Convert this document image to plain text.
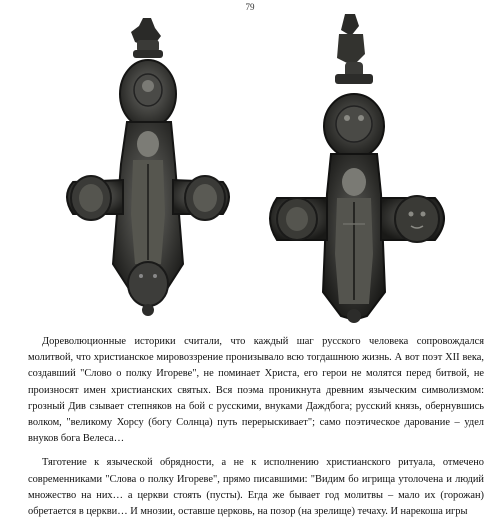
79

Дореволюционные историки считали, что каждый шаг русского человека сопровождался молитвой, что христианское мировоззрение пронизывало всю тогдашнюю жизнь. А вот поэт XII века, создавший "Слово о полку Игореве", не поминает Христа, его герои не молятся перед битвой, не произносят имен христианских святых. Вся поэма проникнута древним языческим символизмом: грозный Див сзывает степняков на бой с русскими, внуками Даждбога; русский князь, обернувшись волком, "великому Хорсу (богу Солнца) путь перерыскивает"; само поэтическое дарование – удел внуков бога Велеса…

Тяготение к языческой обрядности, а не к исполнению христианского ритуала, отмечено современниками "Слова о полку Игореве", прямо писавшими: "Видим бо игрища утолочена и людий множество на них… а церкви стоять (пусты). Егда же бывает год молитвы – мало их (горожан) обретается в церкви… И мнозии, оставше церковь, на позор (на зрелище) течаху. И нарекоша игры
